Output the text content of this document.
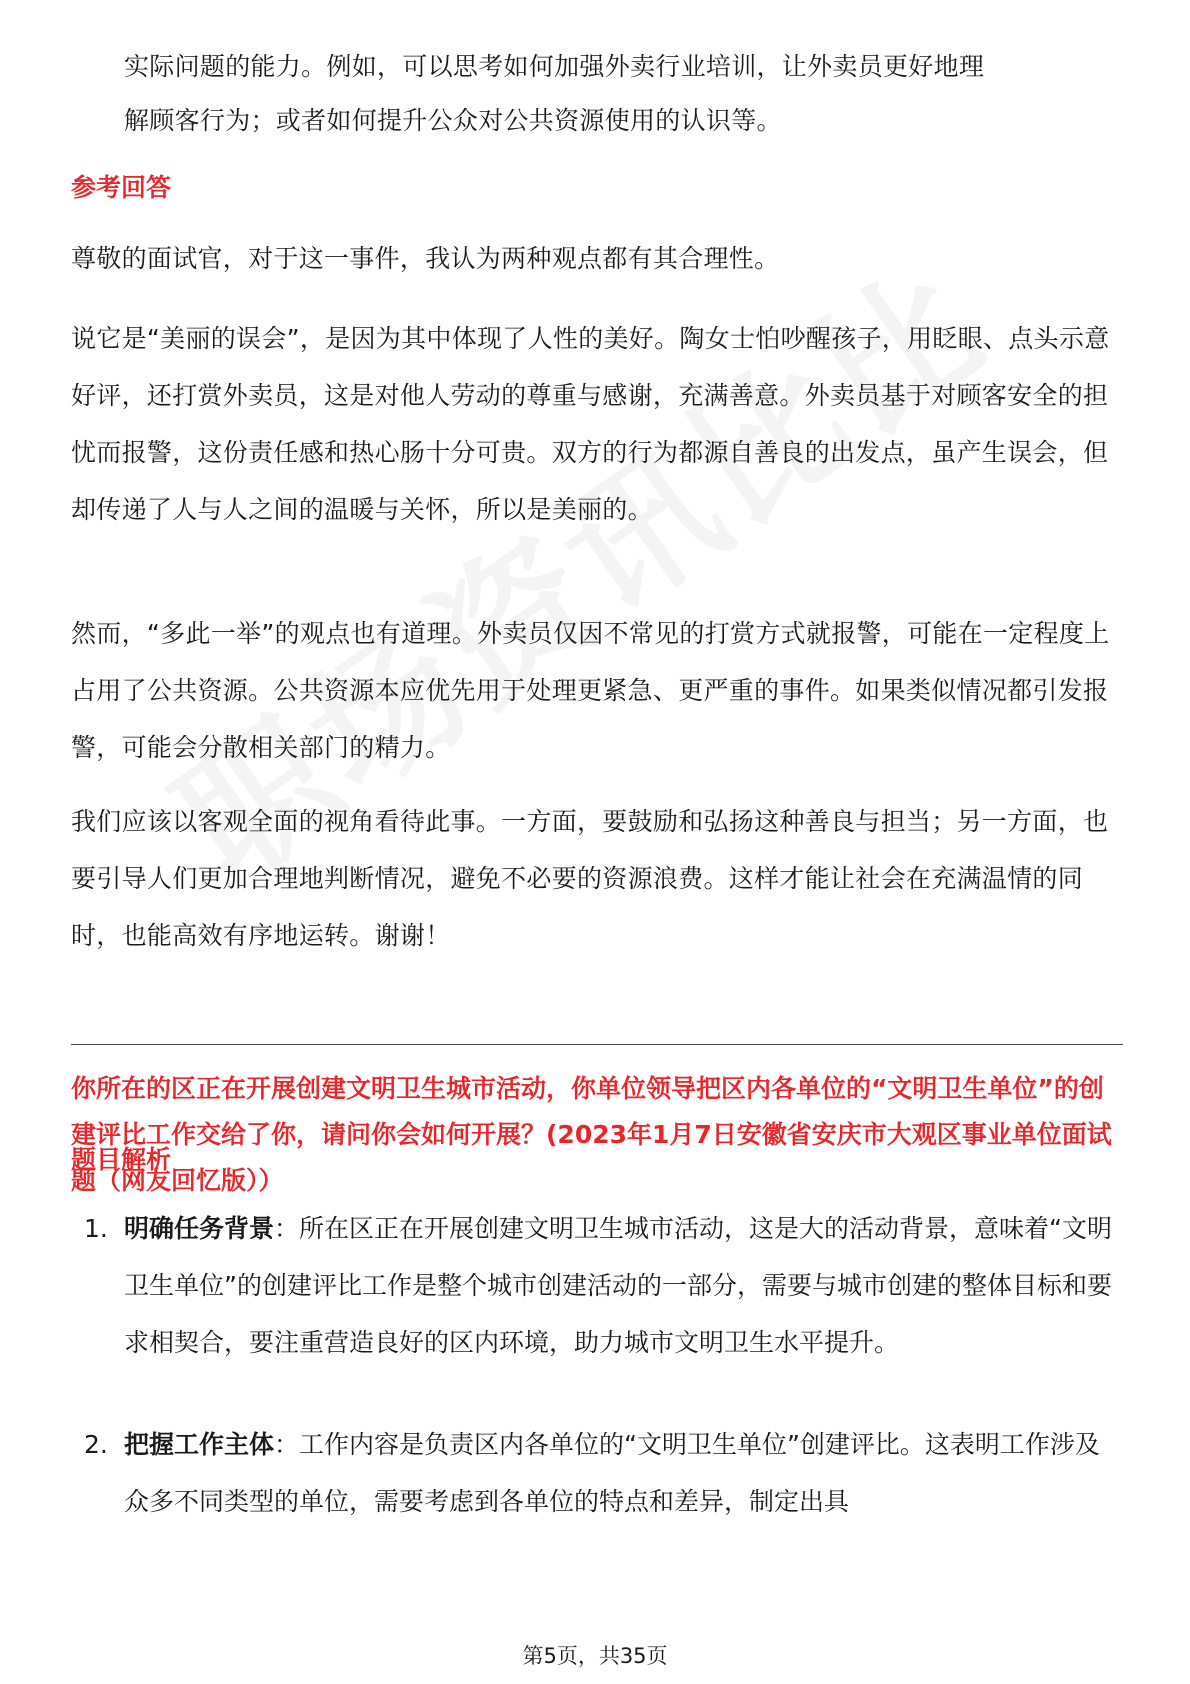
实际问题的能力。例如，可以思考如何加强外卖行业培训，让外卖员更好地理

解顾客行为；或者如何提升公众对公共资源使用的认识等。

参考回答

尊敬的面试官，对于这一事件，我认为两种观点都有其合理性。

说它是“美丽的误会”，是因为其中体现了人性的美好。陶女士怕吵醒孩子，用眨眼、点头示意好评，还打赏外卖员，这是对他人劳动的尊重与感谢，充满善意。外卖员基于对顾客安全的担忧而报警，这份责任感和热心肠十分可贵。双方的行为都源自善良的出发点，虽产生误会，但却传递了人与人之间的温暖与关怀，所以是美丽的。

然而，“多此一举”的观点也有道理。外卖员仅因不常见的打赏方式就报警，可能在一定程度上占用了公共资源。公共资源本应优先用于处理更紧急、更严重的事件。如果类似情况都引发报警，可能会分散相关部门的精力。

我们应该以客观全面的视角看待此事。一方面，要鼓励和弘扬这种善良与担当；另一方面，也要引导人们更加合理地判断情况，避免不必要的资源浪费。这样才能让社会在充满温情的同时，也能高效有序地运转。谢谢！

你所在的区正在开展创建文明卫生城市活动，你单位领导把区内各单位的“文明卫生单位”的创建评比工作交给了你，请问你会如何开展？(2023年1月7日安徽省安庆市大观区事业单位面试题（网友回忆版））

题目解析

1. 明确任务背景：所在区正在开展创建文明卫生城市活动，这是大的活动背景，意味着“文明卫生单位”的创建评比工作是整个城市创建活动的一部分，需要与城市创建的整体目标和要求相契合，要注重营造良好的区内环境，助力城市文明卫生水平提升。
2. 把握工作主体：工作内容是负责区内各单位的“文明卫生单位”创建评比。这表明工作涉及众多不同类型的单位，需要考虑到各单位的特点和差异，制定出具
第5页，共35页
